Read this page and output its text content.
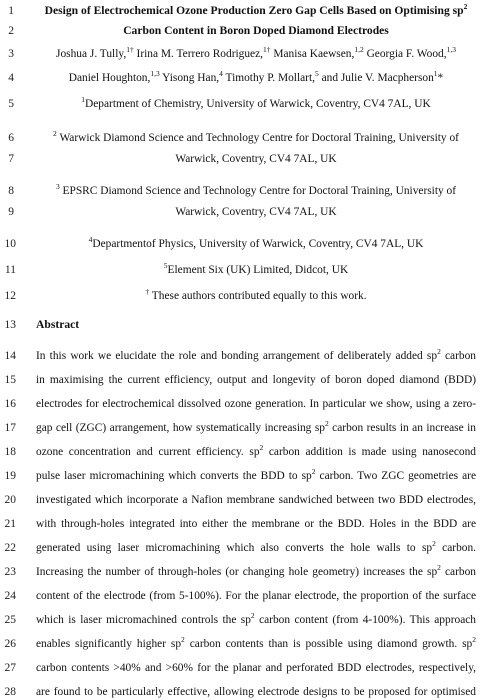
1	Design of Electrochemical Ozone Production Zero Gap Cells Based on Optimising $sp^2$
2	Carbon Content in Boron Doped Diamond Electrodes
3	Joshua J. Tully,$^{1\dagger}$ Irina M. Terrero Rodriguez,$^{1\dagger}$ Manisa Kaewsen,$^{1,2}$ Georgia F. Wood,$^{1,3}$
4	Daniel Houghton,$^{1,3}$ Yisong Han,$^4$ Timothy P. Mollart,$^5$ and Julie V. Macpherson$^1$*
5	$^1$Department of Chemistry, University of Warwick, Coventry, CV4 7AL, UK
6	$^2$ Warwick Diamond Science and Technology Centre for Doctoral Training, University of
7	Warwick, Coventry, CV4 7AL, UK
8	$^3$ EPSRC Diamond Science and Technology Centre for Doctoral Training, University of
9	Warwick, Coventry, CV4 7AL, UK
10	$^4$Departmentof Physics, University of Warwick, Coventry, CV4 7AL, UK
11	$^5$Element Six (UK) Limited, Didcot, UK
12	† These authors contributed equally to this work.
13 Abstract
14 In this work we elucidate the role and bonding arrangement of deliberately added $sp^2$ carbon
15 in maximising the current efficiency, output and longevity of boron doped diamond (BDD)
16 electrodes for electrochemical dissolved ozone generation. In particular we show, using a zero-
17 gap cell (ZGC) arrangement, how systematically increasing $sp^2$ carbon results in an increase in
18 ozone concentration and current efficiency. $sp^2$ carbon addition is made using nanosecond
19 pulse laser micromachining which converts the BDD to $sp^2$ carbon. Two ZGC geometries are
20 investigated which incorporate a Nafion membrane sandwiched between two BDD electrodes,
21 with through-holes integrated into either the membrane or the BDD. Holes in the BDD are
22 generated using laser micromachining which also converts the hole walls to $sp^2$ carbon.
23 Increasing the number of through-holes (or changing hole geometry) increases the $sp^2$ carbon
24 content of the electrode (from 5-100%). For the planar electrode, the proportion of the surface
25 which is laser micromachined controls the $sp^2$ carbon content (from 4-100%). This approach
26 enables significantly higher $sp^2$ carbon contents than is possible using diamond growth. $sp^2$
27 carbon contents >40% and >60% for the planar and perforated BDD electrodes, respectively,
28 are found to be particularly effective, allowing electrode designs to be proposed for optimised
